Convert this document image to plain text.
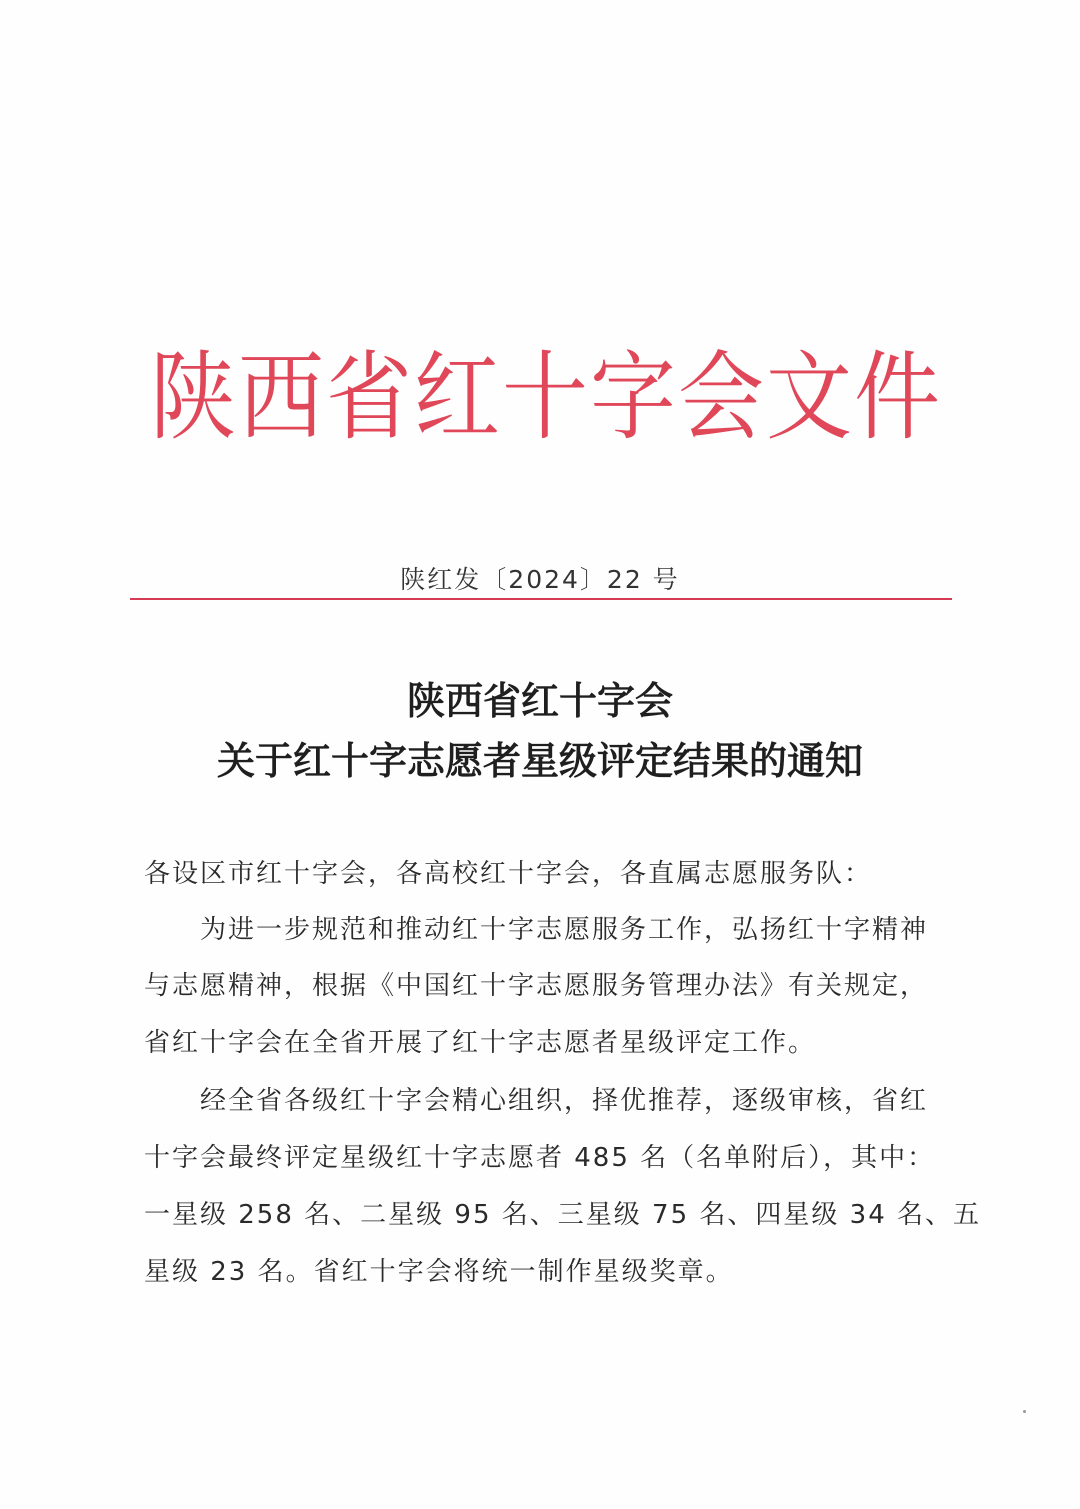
陕 西 省 红 十 字 会 文 件
陕红发〔2024〕22 号
陕西省红十字会
关于红十字志愿者星级评定结果的通知
各设区市红十字会，各高校红十字会，各直属志愿服务队：
　　为进一步规范和推动红十字志愿服务工作，弘扬红十字精神
与志愿精神，根据《中国红十字志愿服务管理办法》有关规定，
省红十字会在全省开展了红十字志愿者星级评定工作。
　　经全省各级红十字会精心组织，择优推荐，逐级审核，省红
十字会最终评定星级红十字志愿者 485 名（名单附后），其中：
一星级 258 名、二星级 95 名、三星级 75 名、四星级 34 名、五
星级 23 名。省红十字会将统一制作星级奖章。
